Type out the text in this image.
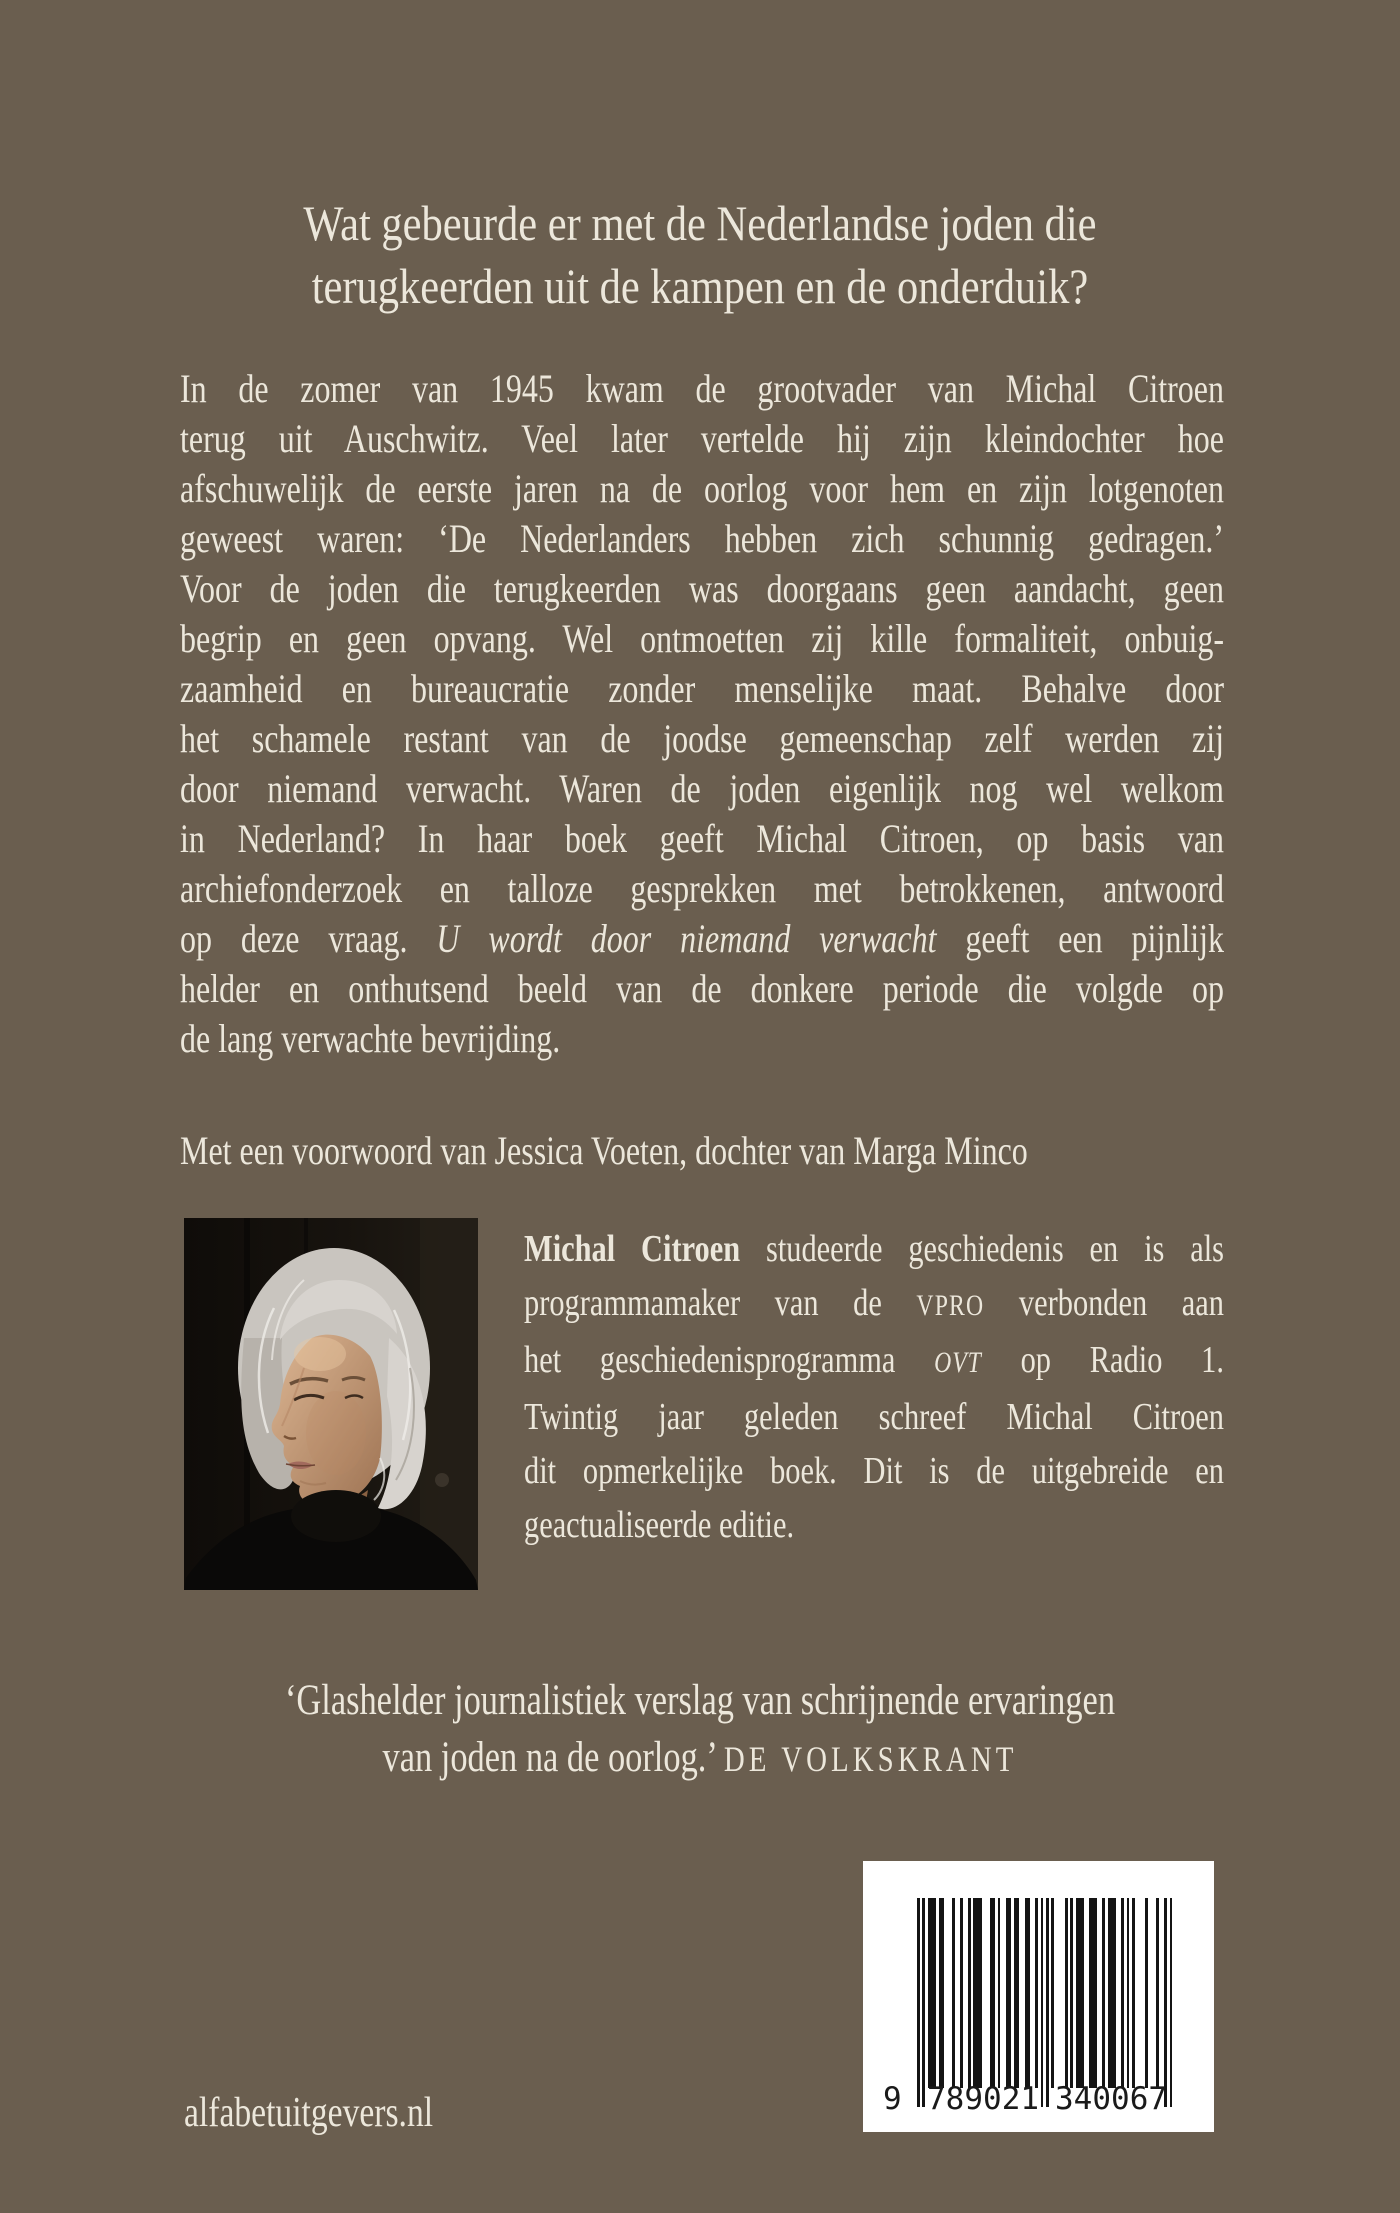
Wat gebeurde er met de Nederlandse joden die
terugkeerden uit de kampen en de onderduik?
In de zomer van 1945 kwam de grootvader van Michal Citroen
terug uit Auschwitz. Veel later vertelde hij zijn kleindochter hoe
afschuwelijk de eerste jaren na de oorlog voor hem en zijn lotgenoten
geweest waren: ‘De Nederlanders hebben zich schunnig gedragen.’
Voor de joden die terugkeerden was doorgaans geen aandacht, geen
begrip en geen opvang. Wel ontmoetten zij kille formaliteit, onbuig-
zaamheid en bureaucratie zonder menselijke maat. Behalve door
het schamele restant van de joodse gemeenschap zelf werden zij
door niemand verwacht. Waren de joden eigenlijk nog wel welkom
in Nederland? In haar boek geeft Michal Citroen, op basis van
archiefonderzoek en talloze gesprekken met betrokkenen, antwoord
op deze vraag. U wordt door niemand verwacht geeft een pijnlijk
helder en onthutsend beeld van de donkere periode die volgde op
de lang verwachte bevrijding.
Met een voorwoord van Jessica Voeten, dochter van Marga Minco
Michal Citroen studeerde geschiedenis en is als
programmamaker van de VPRO verbonden aan
het geschiedenisprogramma OVT op Radio 1.
Twintig jaar geleden schreef Michal Citroen
dit opmerkelijke boek. Dit is de uitgebreide en
geactualiseerde editie.
‘Glashelder journalistiek verslag van schrijnende ervaringen
van joden na de oorlog.’ DE VOLKSKRANT
9 7 8 9 0 2 1 3 4 0 0 6 7
alfabetuitgevers.nl
